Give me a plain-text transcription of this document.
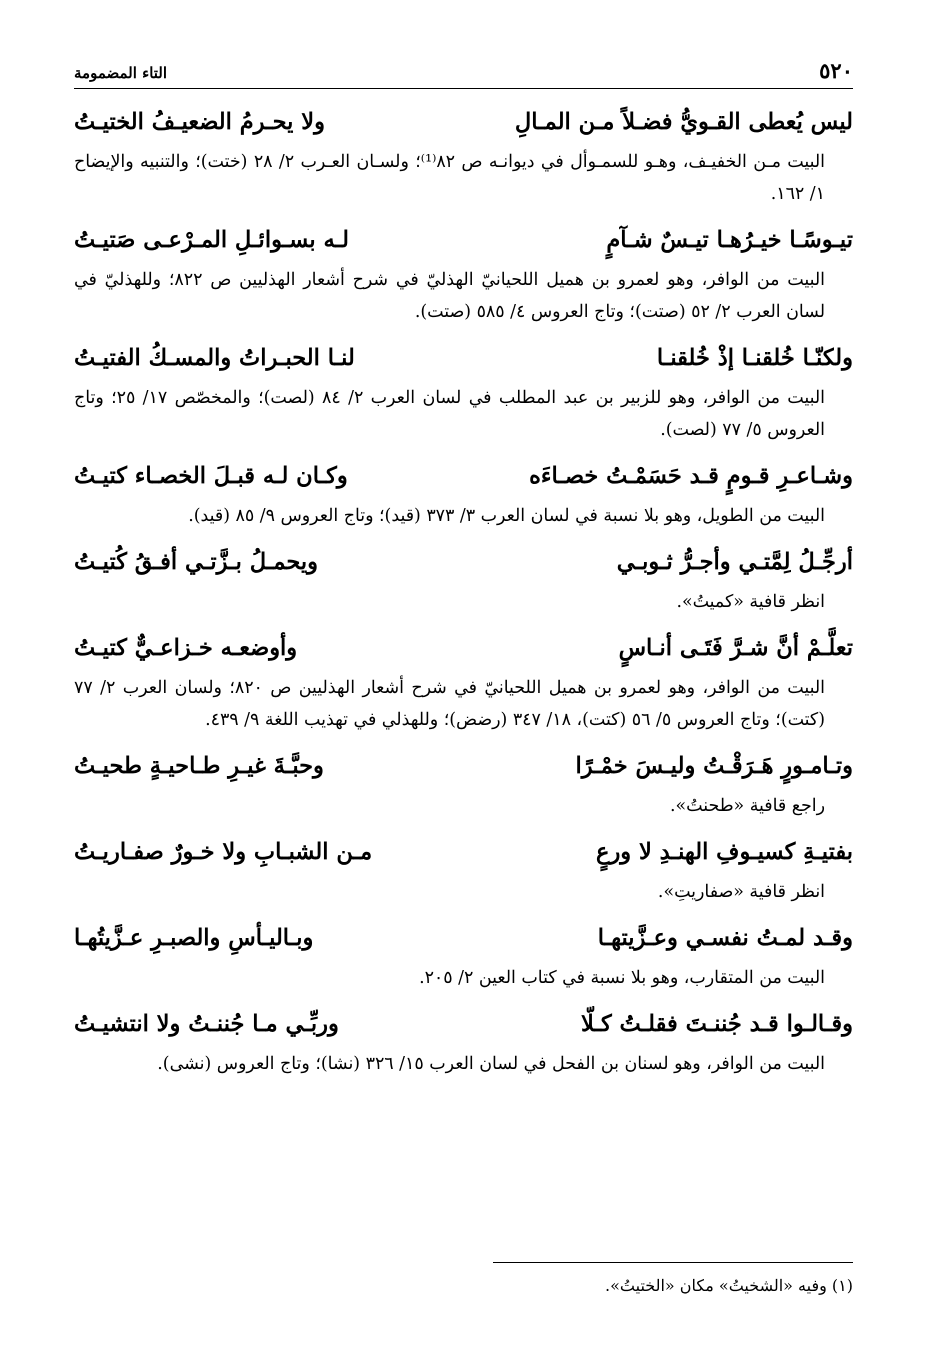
٥٢٠
التاء المضمومة
ليس يُعطى القـويُّ فضـلاً مـن المـالِ
ولا يحـرمُ الضعيـفُ الختيـتُ

البيت مـن الخفيـف، وهـو للسمـوأل في ديوانـه ص ٨٢⁽¹⁾؛ ولسـان العـرب ٢/ ٢٨ (ختت)؛ والتنبيه والإيضاح ١/ ١٦٢.

تيـوسًـا خيـرُهـا تيـسٌ شـآمٍ
لـه بسـوائـلِ المـرْعـى صَتيـتُ

البيت من الوافر، وهو لعمرو بن هميل اللحيانيّ الهذليّ في شرح أشعار الهذليين ص ٨٢٢؛ وللهذليّ في لسان العرب ٢/ ٥٢ (صتت)؛ وتاج العروس ٤/ ٥٨٥ (صتت).

ولكنّـا خُلقنـا إذْ خُلقنـا
لنـا الحبـراتُ والمسـكُ الفتيـتُ

البيت من الوافر، وهو للزبير بن عبد المطلب في لسان العرب ٢/ ٨٤ (لصت)؛ والمخصّص ١٧/ ٢٥؛ وتاج العروس ٥/ ٧٧ (لصت).

وشـاعـرِ قـومٍ قـد حَسَمْـتُ خصـاءَه
وكـان لـه قبـلَ الخصـاء كتيـتُ

البيت من الطويل، وهو بلا نسبة في لسان العرب ٣/ ٣٧٣ (قيد)؛ وتاج العروس ٩/ ٨٥ (قيد).

أرجِّـلُ لِمَّتـي وأجـرُّ ثـوبـي
ويحمـلُ بـزَّتـي أفـقُ كُتيـتُ

انظر قافية «كميتُ».

تعلَّـمْ أنَّ شـرَّ فَتَـى أنـاسٍ
وأوضعـه خـزاعـيٌّ كتيـتُ

البيت من الوافر، وهو لعمرو بن هميل اللحيانيّ في شرح أشعار الهذليين ص ٨٢٠؛ ولسان العرب ٢/ ٧٧ (كتت)؛ وتاج العروس ٥/ ٥٦ (كتت)، ١٨/ ٣٤٧ (رضض)؛ وللهذلي في تهذيب اللغة ٩/ ٤٣٩.

وتـامـورٍ هَـرَقْـتُ وليـسَ خمْـرًا
وحبَّـةَ غيـرِ طـاحيـةٍ طحيـتُ

راجع قافية «طحنتُ».

بفتيـةِ كسيـوفِ الهنـدِ لا ورعٍ
مـن الشبـابِ ولا خـورٌ صفـاريـتُ

انظر قافية «صفاريتِ».

وقـد لمـتُ نفسـي وعـزَّيتهـا
وبـاليـأسِ والصبـرِ عـزَّيتُهـا

البيت من المتقارب، وهو بلا نسبة في كتاب العين ٢/ ٢٠٥.

وقـالـوا قـد جُننـتَ فقلـتُ كـلّا
وربِّـي مـا جُننـتُ ولا انتشيـتُ

البيت من الوافر، وهو لسنان بن الفحل في لسان العرب ١٥/ ٣٢٦ (نشا)؛ وتاج العروس (نشى).

(١) وفيه «الشخيتُ» مكان «الختيتُ».
